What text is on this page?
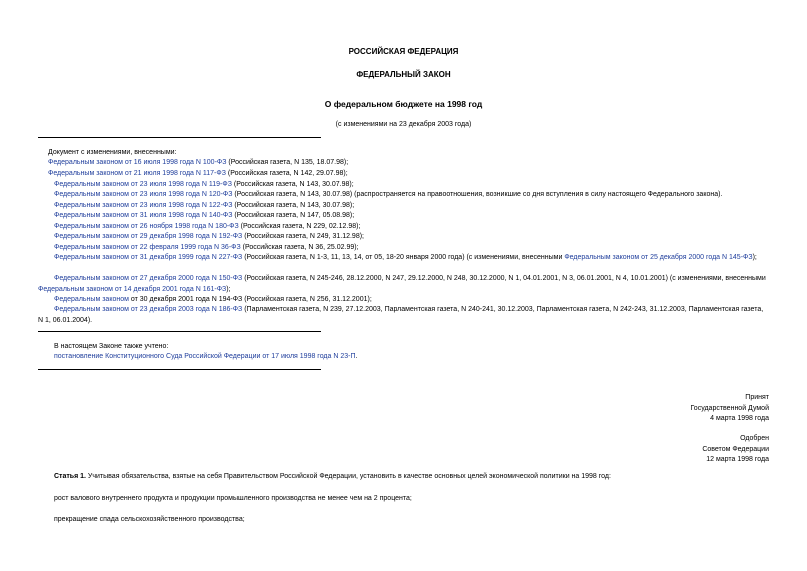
РОССИЙСКАЯ ФЕДЕРАЦИЯ
ФЕДЕРАЛЬНЫЙ ЗАКОН
О федеральном бюджете на 1998 год
(с изменениями на 23 декабря 2003 года)
Документ с изменениями, внесенными:
Федеральным законом от 16 июля 1998 года N 100-ФЗ (Российская газета, N 135, 18.07.98);
Федеральным законом от 21 июля 1998 года N 117-ФЗ (Российская газета, N 142, 29.07.98);
Федеральным законом от 23 июля 1998 года N 119-ФЗ (Российская газета, N 143, 30.07.98);
Федеральным законом от 23 июля 1998 года N 120-ФЗ (Российская газета, N 143, 30.07.98) (распространяется на правоотношения, возникшие со дня вступления в силу настоящего Федерального закона).
Федеральным законом от 23 июля 1998 года N 122-ФЗ (Российская газета, N 143, 30.07.98);
Федеральным законом от 31 июля 1998 года N 140-ФЗ (Российская газета, N 147, 05.08.98);
Федеральным законом от 26 ноября 1998 года N 180-ФЗ (Российская газета, N 229, 02.12.98);
Федеральным законом от 29 декабря 1998 года N 192-ФЗ (Российская газета, N 249, 31.12.98);
Федеральным законом от 22 февраля 1999 года N 36-ФЗ (Российская газета, N 36, 25.02.99);
Федеральным законом от 31 декабря 1999 года N 227-ФЗ (Российская газета, N 1-3, 11, 13, 14, от 05, 18-20 января 2000 года) (с изменениями, внесенными Федеральным законом от 25 декабря 2000 года N 145-ФЗ);
Федеральным законом от 27 декабря 2000 года N 150-ФЗ (Российская газета, N 245-246, 28.12.2000, N 247, 29.12.2000, N 248, 30.12.2000, N 1, 04.01.2001, N 3, 06.01.2001, N 4, 10.01.2001) (с изменениями, внесенными Федеральным законом от 14 декабря 2001 года N 161-ФЗ);
Федеральным законом от 30 декабря 2001 года N 194-ФЗ (Российская газета, N 256, 31.12.2001);
Федеральным законом от 23 декабря 2003 года N 186-ФЗ (Парламентская газета, N 239, 27.12.2003, Парламентская газета, N 240-241, 30.12.2003, Парламентская газета, N 242-243, 31.12.2003, Парламентская газета, N 1, 06.01.2004).
В настоящем Законе также учтено:
постановление Конституционного Суда Российской Федерации от 17 июля 1998 года N 23-П.
Принят
Государственной Думой
4 марта 1998 года
Одобрен
Советом Федерации
12 марта 1998 года
Статья 1. Учитывая обязательства, взятые на себя Правительством Российской Федерации, установить в качестве основных целей экономической политики на 1998 год:
рост валового внутреннего продукта и продукции промышленного производства не менее чем на 2 процента;
прекращение спада сельскохозяйственного производства;
